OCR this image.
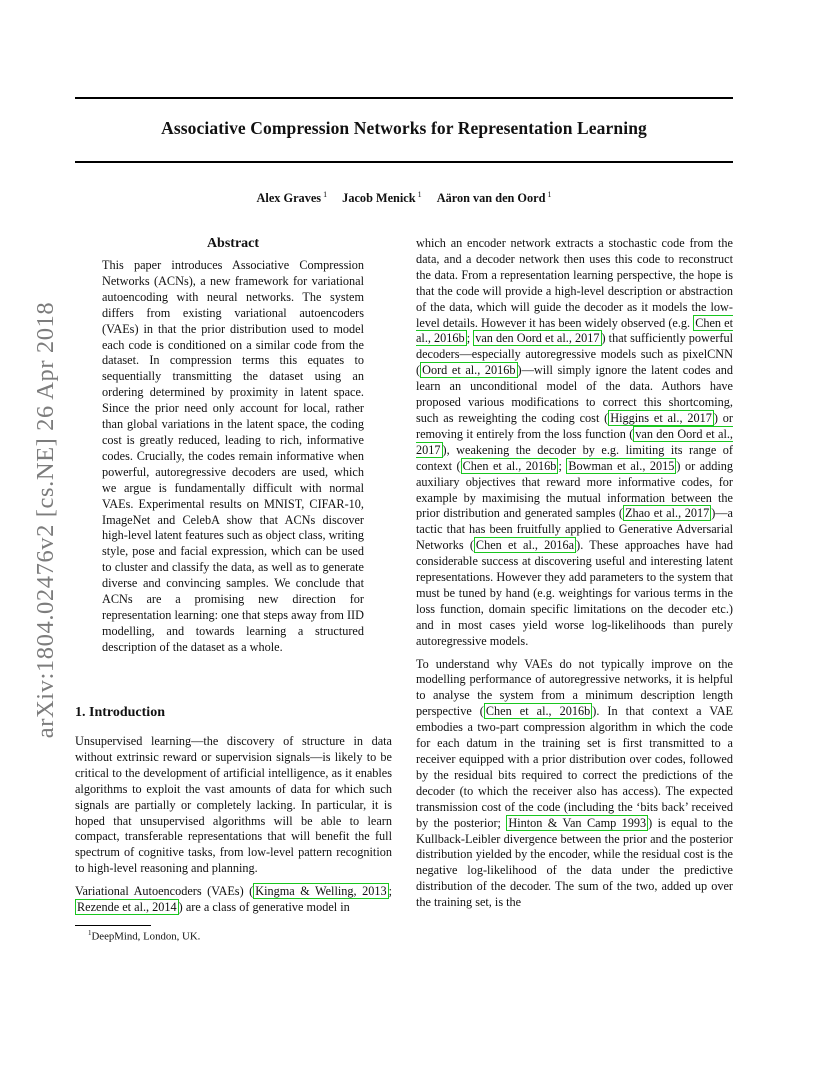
arXiv:1804.02476v2 [cs.NE] 26 Apr 2018
Associative Compression Networks for Representation Learning
Alex Graves $^1$ Jacob Menick $^1$ Aäron van den Oord $^1$
Abstract
This paper introduces Associative Compression Networks (ACNs), a new framework for variational autoencoding with neural networks. The system differs from existing variational autoencoders (VAEs) in that the prior distribution used to model each code is conditioned on a similar code from the dataset. In compression terms this equates to sequentially transmitting the dataset using an ordering determined by proximity in latent space. Since the prior need only account for local, rather than global variations in the latent space, the coding cost is greatly reduced, leading to rich, informative codes. Crucially, the codes remain informative when powerful, autoregressive decoders are used, which we argue is fundamentally difficult with normal VAEs. Experimental results on MNIST, CIFAR-10, ImageNet and CelebA show that ACNs discover high-level latent features such as object class, writing style, pose and facial expression, which can be used to cluster and classify the data, as well as to generate diverse and convincing samples. We conclude that ACNs are a promising new direction for representation learning: one that steps away from IID modelling, and towards learning a structured description of the dataset as a whole.
1. Introduction

Unsupervised learning—the discovery of structure in data without extrinsic reward or supervision signals—is likely to be critical to the development of artificial intelligence, as it enables algorithms to exploit the vast amounts of data for which such signals are partially or completely lacking. In particular, it is hoped that unsupervised algorithms will be able to learn compact, transferable representations that will benefit the full spectrum of cognitive tasks, from low-level pattern recognition to high-level reasoning and planning.

Variational Autoencoders (VAEs) ( Kingma & Welling, 2013 ; Rezende et al., 2014 ) are a class of generative model in

which an encoder network extracts a stochastic code from the data, and a decoder network then uses this code to reconstruct the data. From a representation learning perspective, the hope is that the code will provide a high-level description or abstraction of the data, which will guide the decoder as it models the low-level details. However it has been widely observed (e.g. Chen et al., 2016b ; van den Oord et al., 2017 ) that sufficiently powerful decoders—especially autoregressive models such as pixelCNN ( Oord et al., 2016b )—will simply ignore the latent codes and learn an unconditional model of the data. Authors have proposed various modifications to correct this shortcoming, such as reweighting the coding cost ( Higgins et al., 2017 ) or removing it entirely from the loss function ( van den Oord et al., 2017 ), weakening the decoder by e.g. limiting its range of context ( Chen et al., 2016b ; Bowman et al., 2015 ) or adding auxiliary objectives that reward more informative codes, for example by maximising the mutual information between the prior distribution and generated samples ( Zhao et al., 2017 )—a tactic that has been fruitfully applied to Generative Adversarial Networks ( Chen et al., 2016a ). These approaches have had considerable success at discovering useful and interesting latent representations. However they add parameters to the system that must be tuned by hand (e.g. weightings for various terms in the loss function, domain specific limitations on the decoder etc.) and in most cases yield worse log-likelihoods than purely autoregressive models.

To understand why VAEs do not typically improve on the modelling performance of autoregressive networks, it is helpful to analyse the system from a minimum description length perspective ( Chen et al., 2016b ). In that context a VAE embodies a two-part compression algorithm in which the code for each datum in the training set is first transmitted to a receiver equipped with a prior distribution over codes, followed by the residual bits required to correct the predictions of the decoder (to which the receiver also has access). The expected transmission cost of the code (including the ‘bits back’ received by the posterior; Hinton & Van Camp 1993 ) is equal to the Kullback-Leibler divergence between the prior and the posterior distribution yielded by the encoder, while the residual cost is the negative log-likelihood of the data under the predictive distribution of the decoder. The sum of the two, added up over the training set, is the

$^1$DeepMind, London, UK.
